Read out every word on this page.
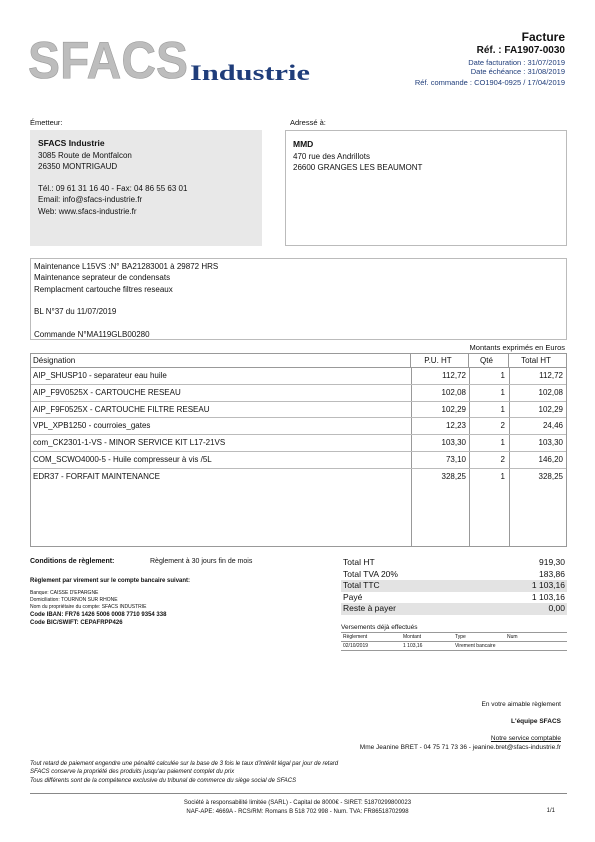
SFACS Industrie
Facture
Réf. : FA1907-0030
Date facturation : 31/07/2019
Date échéance : 31/08/2019
Réf. commande : CO1904-0925 / 17/04/2019
Émetteur:
SFACS Industrie
3085 Route de Montfalcon
26350 MONTRIGAUD
Tél.: 09 61 31 16 40 - Fax: 04 86 55 63 01
Email: info@sfacs-industrie.fr
Web: www.sfacs-industrie.fr
Adressé à:
MMD
470 rue des Andrillots
26600 GRANGES LES BEAUMONT
Maintenance L15VS :N° BA21283001 à 29872 HRS
Maintenance seprateur de condensats
Remplacment cartouche filtres reseaux
BL N°37 du 11/07/2019
Commande N°MA119GLB00280
Montants exprimés en Euros
Désignation	P.U. HT	Qté	Total HT
AIP_SHUSP10 - separateur eau huile	112,72	1	112,72
AIP_F9V0525X - CARTOUCHE RESEAU	102,08	1	102,08
AIP_F9F0525X - CARTOUCHE FILTRE RESEAU	102,29	1	102,29
VPL_XPB1250 - courroies_gates	12,23	2	24,46
com_CK2301-1-VS - MINOR SERVICE KIT L17-21VS	103,30	1	103,30
COM_SCWO4000-5 - Huile compresseur à vis /5L	73,10	2	146,20
EDR37 - FORFAIT MAINTENANCE	328,25	1	328,25
Conditions de règlement:	Règlement à 30 jours fin de mois
Règlement par virement sur le compte bancaire suivant:
Banque: CAISSE D'EPARGNE
Domiciliation: TOURNON SUR RHONE
Nom du propriétaire du compte: SFACS INDUSTRIE
Code IBAN: FR76 1426 5006 0008 7710 9354 338
Code BIC/SWIFT: CEPAFRPP426
Total HT	919,30
Total TVA 20%	183,86
Total TTC	1 103,16
Payé	1 103,16
Reste à payer	0,00
Versements déjà effectués
Règlement	Montant	Type	Num
02/10/2019	1 103,16	Virement bancaire
En votre aimable règlement
L'équipe SFACS
Notre service comptable
Mme Jeanine BRET - 04 75 71 73 36 - jeanine.bret@sfacs-industrie.fr
Tout retard de paiement engendre une pénalité calculée sur la base de 3 fois le taux d'intérêt légal par jour de retard
SFACS conserve la propriété des produits jusqu'au paiement complet du prix
Tous différents sont de la compétence exclusive du tribunal de commerce du siège social de SFACS
Société à responsabilité limitée (SARL) - Capital de 8000€ - SIRET: 51870299800023
NAF-APE: 4669A - RCS/RM: Romans B 518 702 998 - Num. TVA: FR86518702998	1/1
